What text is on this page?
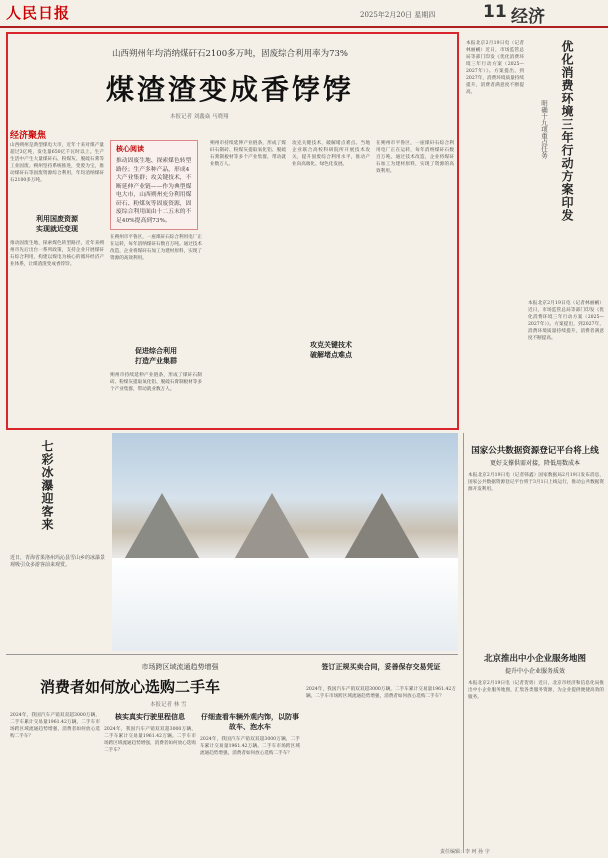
人民日报	2025年2月20日 星期四	11 经济
山西朔州年均消纳煤矸石2100多万吨，固废综合利用率为73%
煤渣渣变成香饽饽
本报记者 刘鑫焱 马晓翔
经济聚焦
山西朔州是典型煤电大市，近年十来对煤产量超过3亿吨，发电量650亿千瓦时以上。生产生活中产生大量煤矸石、粉煤灰、脱硫石膏等工业固废。朔州坚持系统推进，变废为宝，推动煤矸石等固废资源综合利用，年均消纳煤矸石2100多万吨。
利用国废资源
实现就近变现
推动固废生地，探索煤色转型路径，近年来朔州市先后出台一系列政策，支持企业开展煤矸石综合利用，构建以煤电为核心的循环经济产业体系，让煤渣渣变成香饽饽。
核心阅读
推动固废生地、探索煤色转型路径；生产多种产品，形成4大产业集群；攻关键技术，不断延伸产业链——作为典型煤电大市，山西朔州充分利用煤矸石、粉煤灰等固废资源，固废综合利用面由十二五末的不足40%提高到73%。
在朔州市平鲁区，一座煤矸石综合利用电厂正在运转，每年消纳煤矸石数百万吨。通过技术改造，企业将煤矸石加工为建材原料，实现了资源的高效利用。
促进综合利用
打造产业集群
朔州市持续延伸产业链条，形成了煤矸石制砖、粉煤灰提取氧化铝、脱硫石膏制板材等多个产业集群，带动就业数万人。
朔州市持续延伸产业链条，形成了煤矸石制砖、粉煤灰提取氧化铝、脱硫石膏制板材等多个产业集群，带动就业数万人。
攻克关键技术，破解堵点难点。当地企业联合高校科研院所开展技术攻关，提升固废综合利用水平，推动产业向高端化、绿色化发展。
攻克关键技术
破解堵点难点
在朔州市平鲁区，一座煤矸石综合利用电厂正在运转，每年消纳煤矸石数百万吨。通过技术改造，企业将煤矸石加工为建材原料，实现了资源的高效利用。
本报北京2月19日电（记者林丽鹂）近日，市场监管总局等部门印发《优化消费环境三年行动方案（2025—2027年）》。方案提出，到2027年，消费环境质量持续提升，消费者满意度不断提高。	优化消费环境三年行动方案印发
明确十九项重点任务
本报北京2月19日电（记者林丽鹂）近日，市场监管总局等部门印发《优化消费环境三年行动方案（2025—2027年）》。方案提出，到2027年，消费环境质量持续提升，消费者满意度不断提高。
七彩冰瀑迎客来
近日，青海省果洛州玛沁县雪山乡的冰瀑景观吸引众多游客前来观赏。
国家公共数据资源登记平台将上线
更好支撑供需对接，降低用数成本
本报北京2月19日电（记者韩鑫）国家数据局2月19日发布消息，国家公共数据资源登记平台将于3月1日上线运行，推动公共数据资源开发利用。
北京推出中小企业服务地图
提升中小企业服务质效
本报北京2月19日电（记者贺勇）近日，北京市经济和信息化局推出中小企业服务地图，汇集各类服务资源，为企业提供便捷高效的服务。
市场跨区域流通趋势增强
消费者如何放心选购二手车
本报记者 林 雪
2024年，我国汽车产销双双超3000万辆，二手车累计交易量1961.42万辆。二手车市场跨区域流通趋势增强，消费者如何放心选购二手车？
核实真实行驶里程信息
2024年，我国汽车产销双双超3000万辆，二手车累计交易量1961.42万辆。二手车市场跨区域流通趋势增强，消费者如何放心选购二手车？
仔细查看车辆外观内饰，以防事故车、泡水车
2024年，我国汽车产销双双超3000万辆，二手车累计交易量1961.42万辆。二手车市场跨区域流通趋势增强，消费者如何放心选购二手车？
签订正规买卖合同，妥善保存交易凭证
2024年，我国汽车产销双双超3000万辆，二手车累计交易量1961.42万辆。二手车市场跨区域流通趋势增强，消费者如何放心选购二手车？
责任编辑：李 珂 孙 宇
